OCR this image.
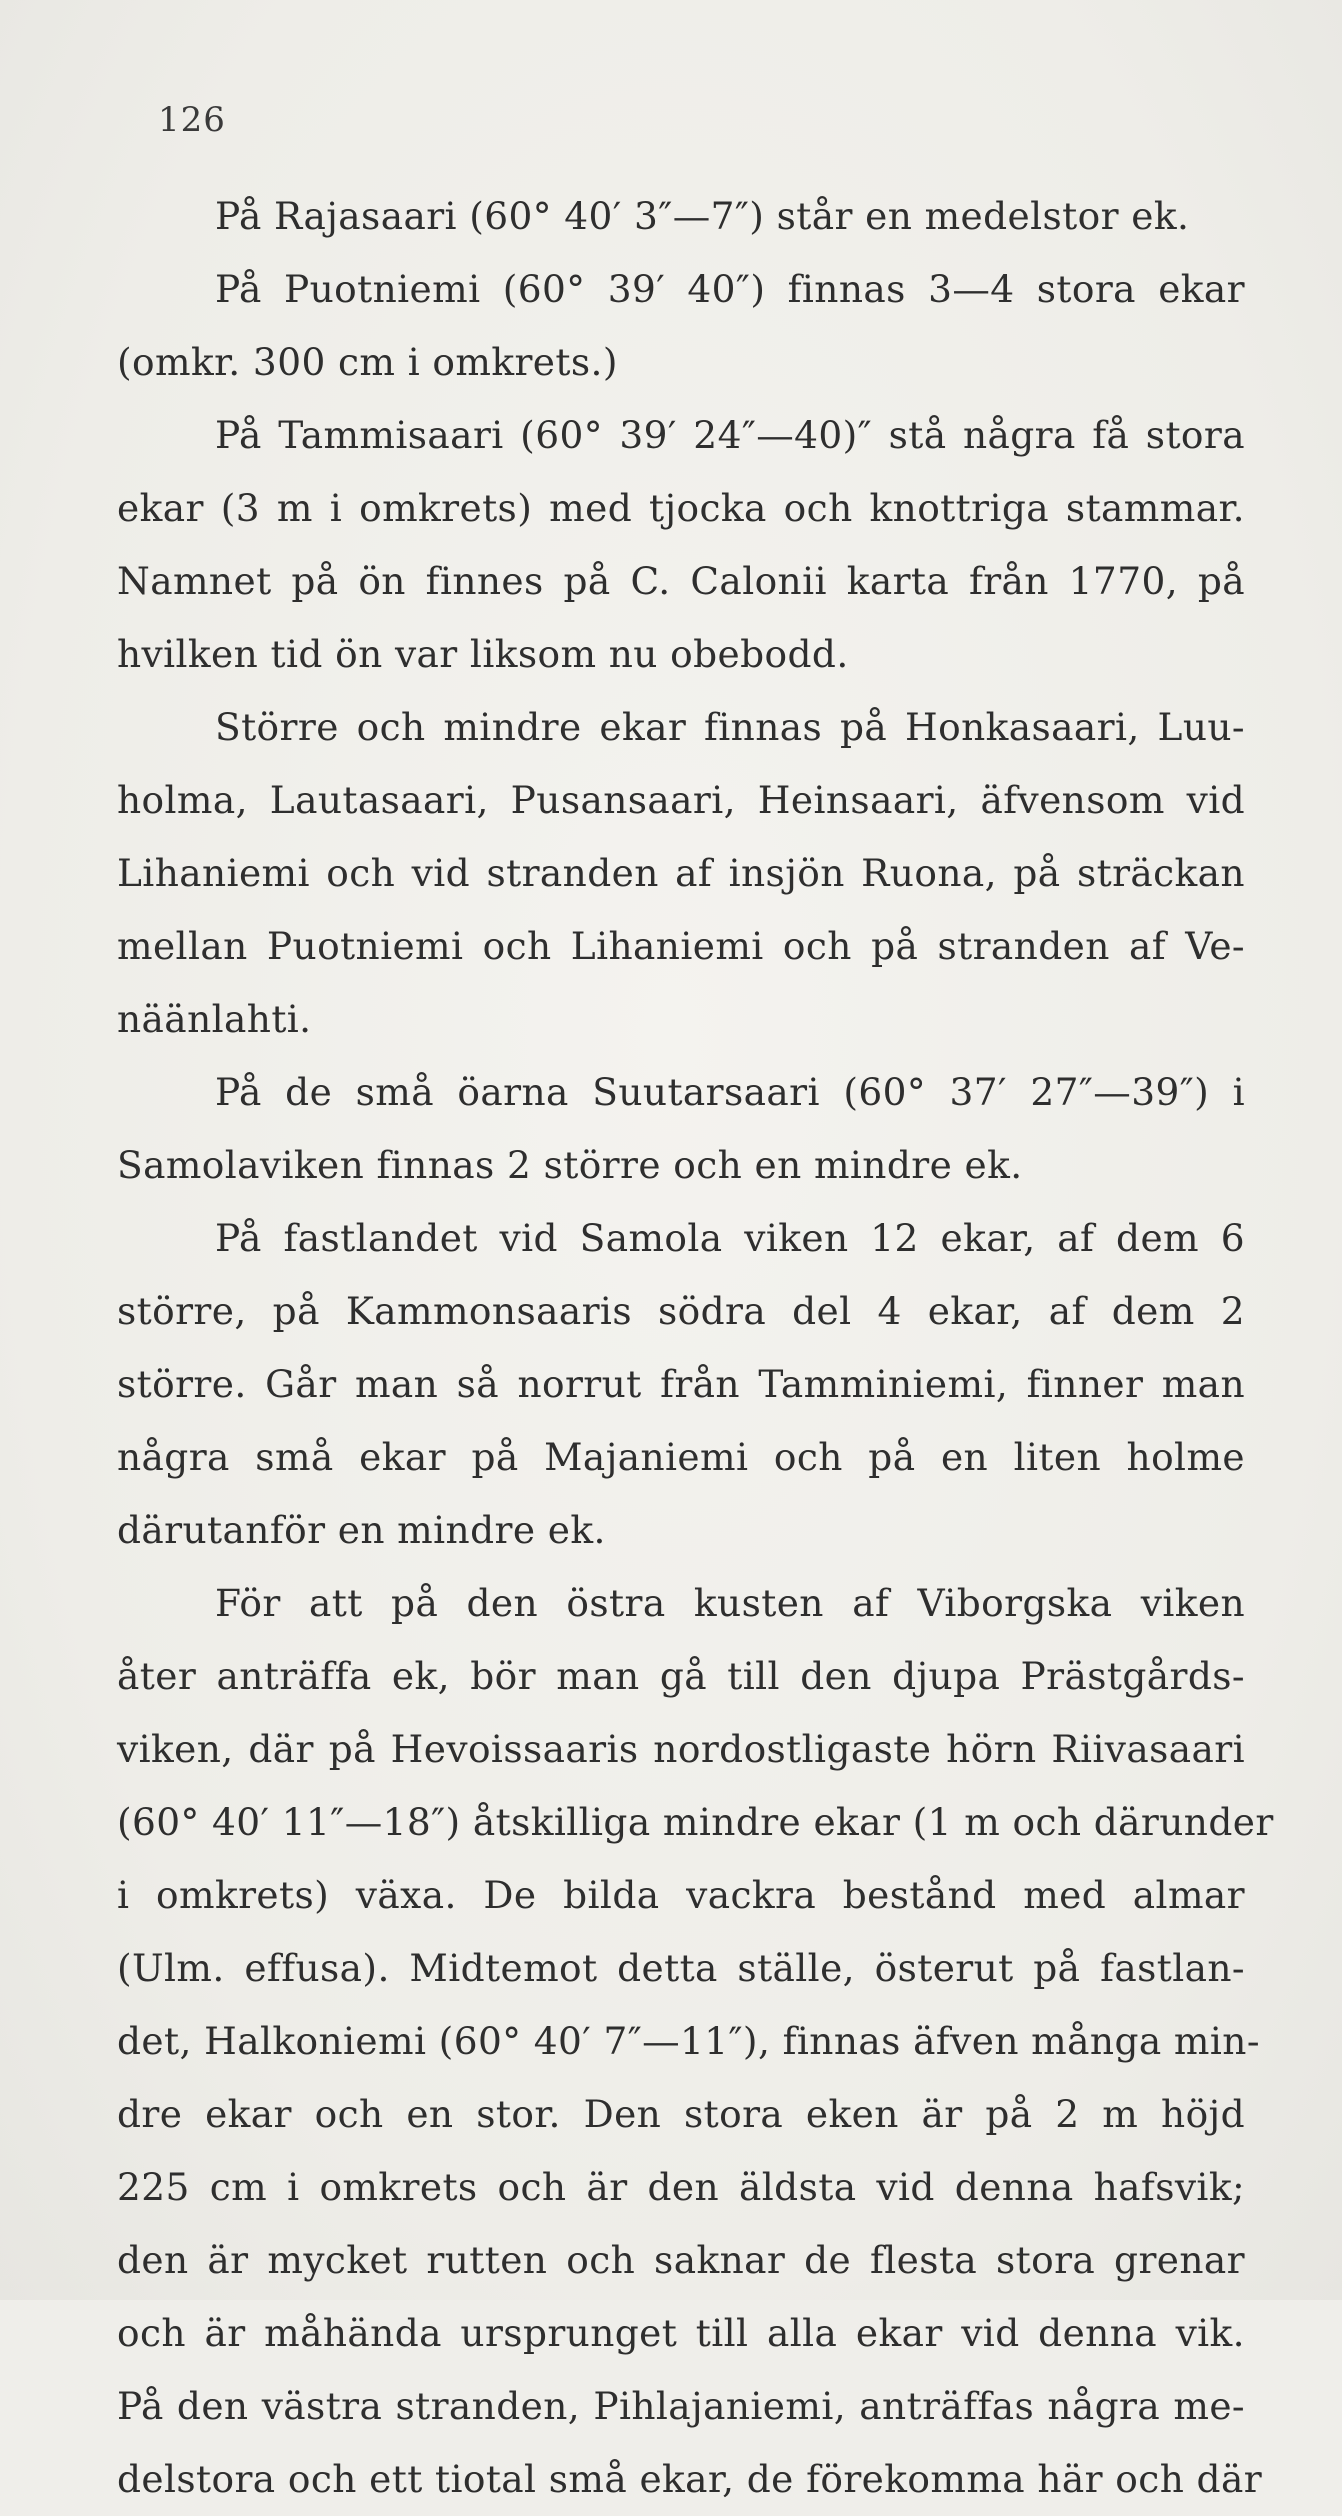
126
På Rajasaari (60° 40′ 3″—7″) står en medelstor ek.
På Puotniemi (60° 39′ 40″) finnas 3—4 stora ekar
(omkr. 300 cm i omkrets.)
På Tammisaari (60° 39′ 24″—40)″ stå några få stora
ekar (3 m i omkrets) med tjocka och knottriga stammar.
Namnet på ön finnes på C. Calonii karta från 1770, på
hvilken tid ön var liksom nu obebodd.
Större och mindre ekar finnas på Honkasaari, Luu-
holma, Lautasaari, Pusansaari, Heinsaari, äfvensom vid
Lihaniemi och vid stranden af insjön Ruona, på sträckan
mellan Puotniemi och Lihaniemi och på stranden af Ve-
näänlahti.
På de små öarna Suutarsaari (60° 37′ 27″—39″) i
Samolaviken finnas 2 större och en mindre ek.
På fastlandet vid Samola viken 12 ekar, af dem 6
större, på Kammonsaaris södra del 4 ekar, af dem 2
större. Går man så norrut från Tamminiemi, finner man
några små ekar på Majaniemi och på en liten holme
därutanför en mindre ek.
För att på den östra kusten af Viborgska viken
åter anträffa ek, bör man gå till den djupa Prästgårds-
viken, där på Hevoissaaris nordostligaste hörn Riivasaari
(60° 40′ 11″—18″) åtskilliga mindre ekar (1 m och därunder
i omkrets) växa. De bilda vackra bestånd med almar
(Ulm. effusa). Midtemot detta ställe, österut på fastlan-
det, Halkoniemi (60° 40′ 7″—11″), finnas äfven många min-
dre ekar och en stor. Den stora eken är på 2 m höjd
225 cm i omkrets och är den äldsta vid denna hafsvik;
den är mycket rutten och saknar de flesta stora grenar
och är måhända ursprunget till alla ekar vid denna vik.
På den västra stranden, Pihlajaniemi, anträffas några me-
delstora och ett tiotal små ekar, de förekomma här och där
